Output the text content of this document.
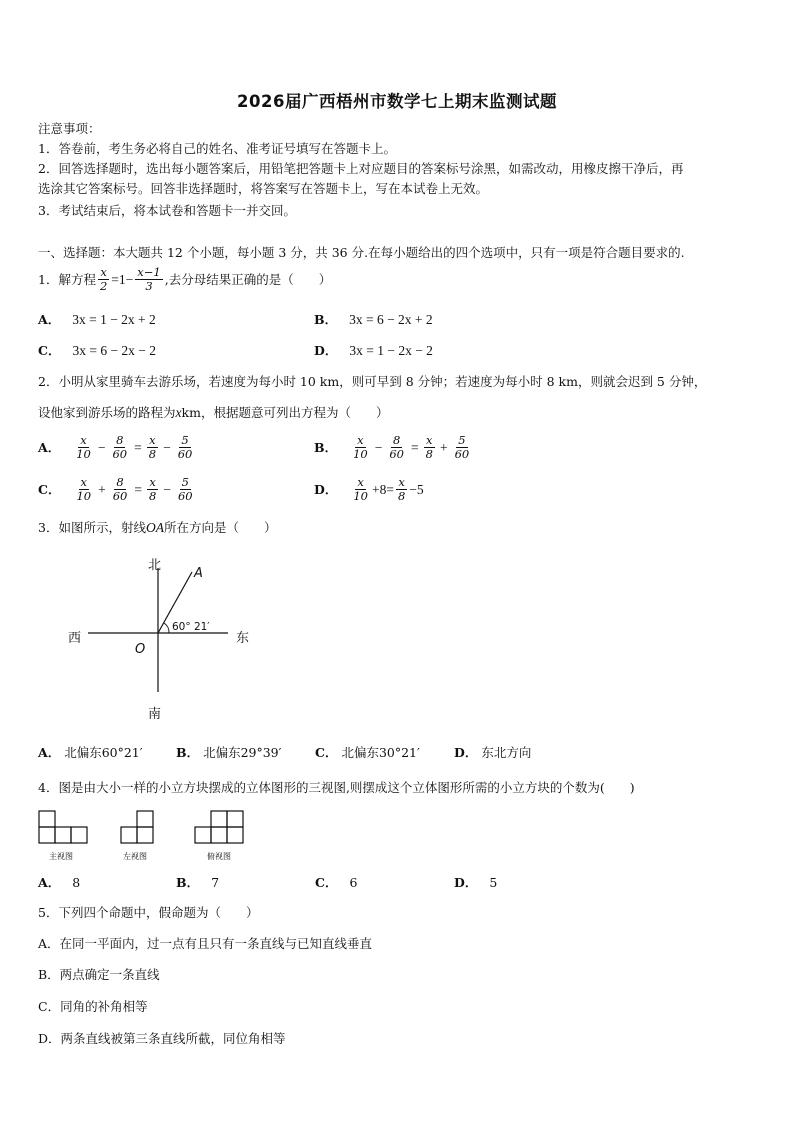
2026届广西梧州市数学七上期末监测试题
注意事项：
1．答卷前，考生务必将自己的姓名、准考证号填写在答题卡上。
2．回答选择题时，选出每小题答案后，用铅笔把答题卡上对应题目的答案标号涂黑，如需改动，用橡皮擦干净后，再
选涂其它答案标号。回答非选择题时，将答案写在答题卡上，写在本试卷上无效。
3．考试结束后，将本试卷和答题卡一并交回。
一、选择题：本大题共 12 个小题，每小题 3 分，共 36 分.在每小题给出的四个选项中，只有一项是符合题目要求的.
1．解方程 $\frac{x}{2} =1- \frac{x-1}{3}$ ,去分母结果正确的是（　　）
A． 3x = 1 − 2x + 2	B． 3x = 6 − 2x + 2
C． 3x = 6 − 2x − 2	D． 3x = 1 − 2x − 2
2．小明从家里骑车去游乐场，若速度为每小时 10 km，则可早到 8 分钟；若速度为每小时 8 km，则就会迟到 5 分钟，
设他家到游乐场的路程为xkm，根据题意可列出方程为（　　）
A． $\frac{x}{10} - \frac{8}{60} = \frac{x}{8} - \frac{5}{60}$	B． $\frac{x}{10} - \frac{8}{60} = \frac{x}{8} + \frac{5}{60}$
C． $\frac{x}{10} + \frac{8}{60} = \frac{x}{8} - \frac{5}{60}$	D． $\frac{x}{10} +8= \frac{x}{8} -5$
3．如图所示，射线OA所在方向是（　　）
北
南
西	东
A
O
60° 21′
A． 北偏东60°21′	B． 北偏东29°39′	C． 北偏东30°21′	D． 东北方向
4．图是由大小一样的小立方块摆成的立体图形的三视图,则摆成这个立体图形所需的小立方块的个数为(　　)
主视图	左视图	俯视图
A． 8	B． 7	C． 6	D． 5
5．下列四个命题中，假命题为（　　）
A．在同一平面内，过一点有且只有一条直线与已知直线垂直
B．两点确定一条直线
C．同角的补角相等
D．两条直线被第三条直线所截，同位角相等
